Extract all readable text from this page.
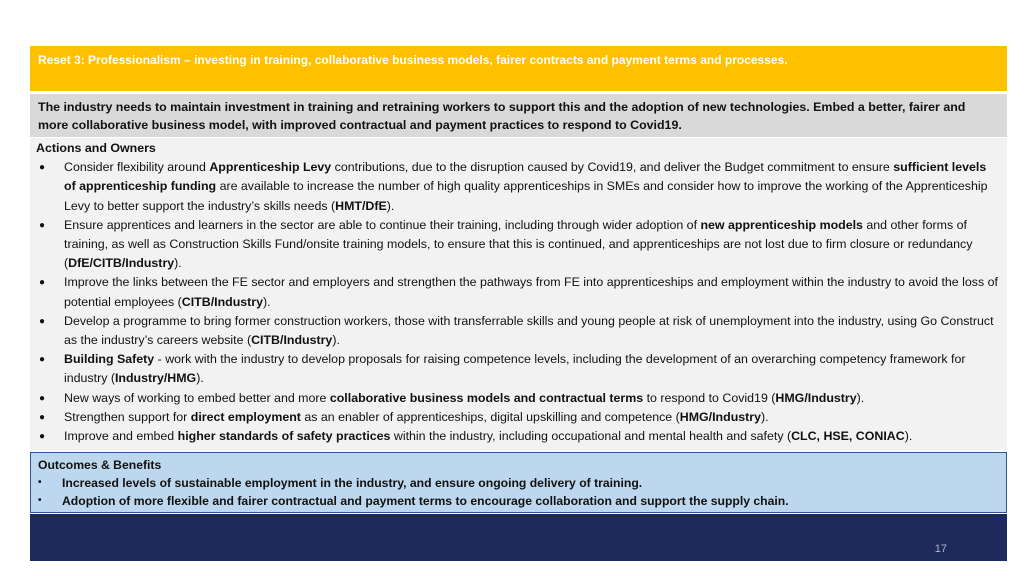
Reset 3: Professionalism – investing in training, collaborative business models, fairer contracts and payment terms and processes.
The industry needs to maintain investment in training and retraining workers to support this and the adoption of new technologies. Embed a better, fairer and more collaborative business model, with improved contractual and payment practices to respond to Covid19.
Actions and Owners
● Consider flexibility around Apprenticeship Levy contributions, due to the disruption caused by Covid19, and deliver the Budget commitment to ensure sufficient levels of apprenticeship funding are available to increase the number of high quality apprenticeships in SMEs and consider how to improve the working of the Apprenticeship Levy to better support the industry’s skills needs (HMT/DfE).
● Ensure apprentices and learners in the sector are able to continue their training, including through wider adoption of new apprenticeship models and other forms of training, as well as Construction Skills Fund/onsite training models, to ensure that this is continued, and apprenticeships are not lost due to firm closure or redundancy (DfE/CITB/Industry).
● Improve the links between the FE sector and employers and strengthen the pathways from FE into apprenticeships and employment within the industry to avoid the loss of potential employees (CITB/Industry).
● Develop a programme to bring former construction workers, those with transferrable skills and young people at risk of unemployment into the industry, using Go Construct as the industry’s careers website (CITB/Industry).
● Building Safety - work with the industry to develop proposals for raising competence levels, including the development of an overarching competency framework for industry (Industry/HMG).
● New ways of working to embed better and more collaborative business models and contractual terms to respond to Covid19 (HMG/Industry).
● Strengthen support for direct employment as an enabler of apprenticeships, digital upskilling and competence (HMG/Industry).
● Improve and embed higher standards of safety practices within the industry, including occupational and mental health and safety (CLC, HSE, CONIAC).
Outcomes & Benefits
• Increased levels of sustainable employment in the industry, and ensure ongoing delivery of training.
• Adoption of more flexible and fairer contractual and payment terms to encourage collaboration and support the supply chain.
17
